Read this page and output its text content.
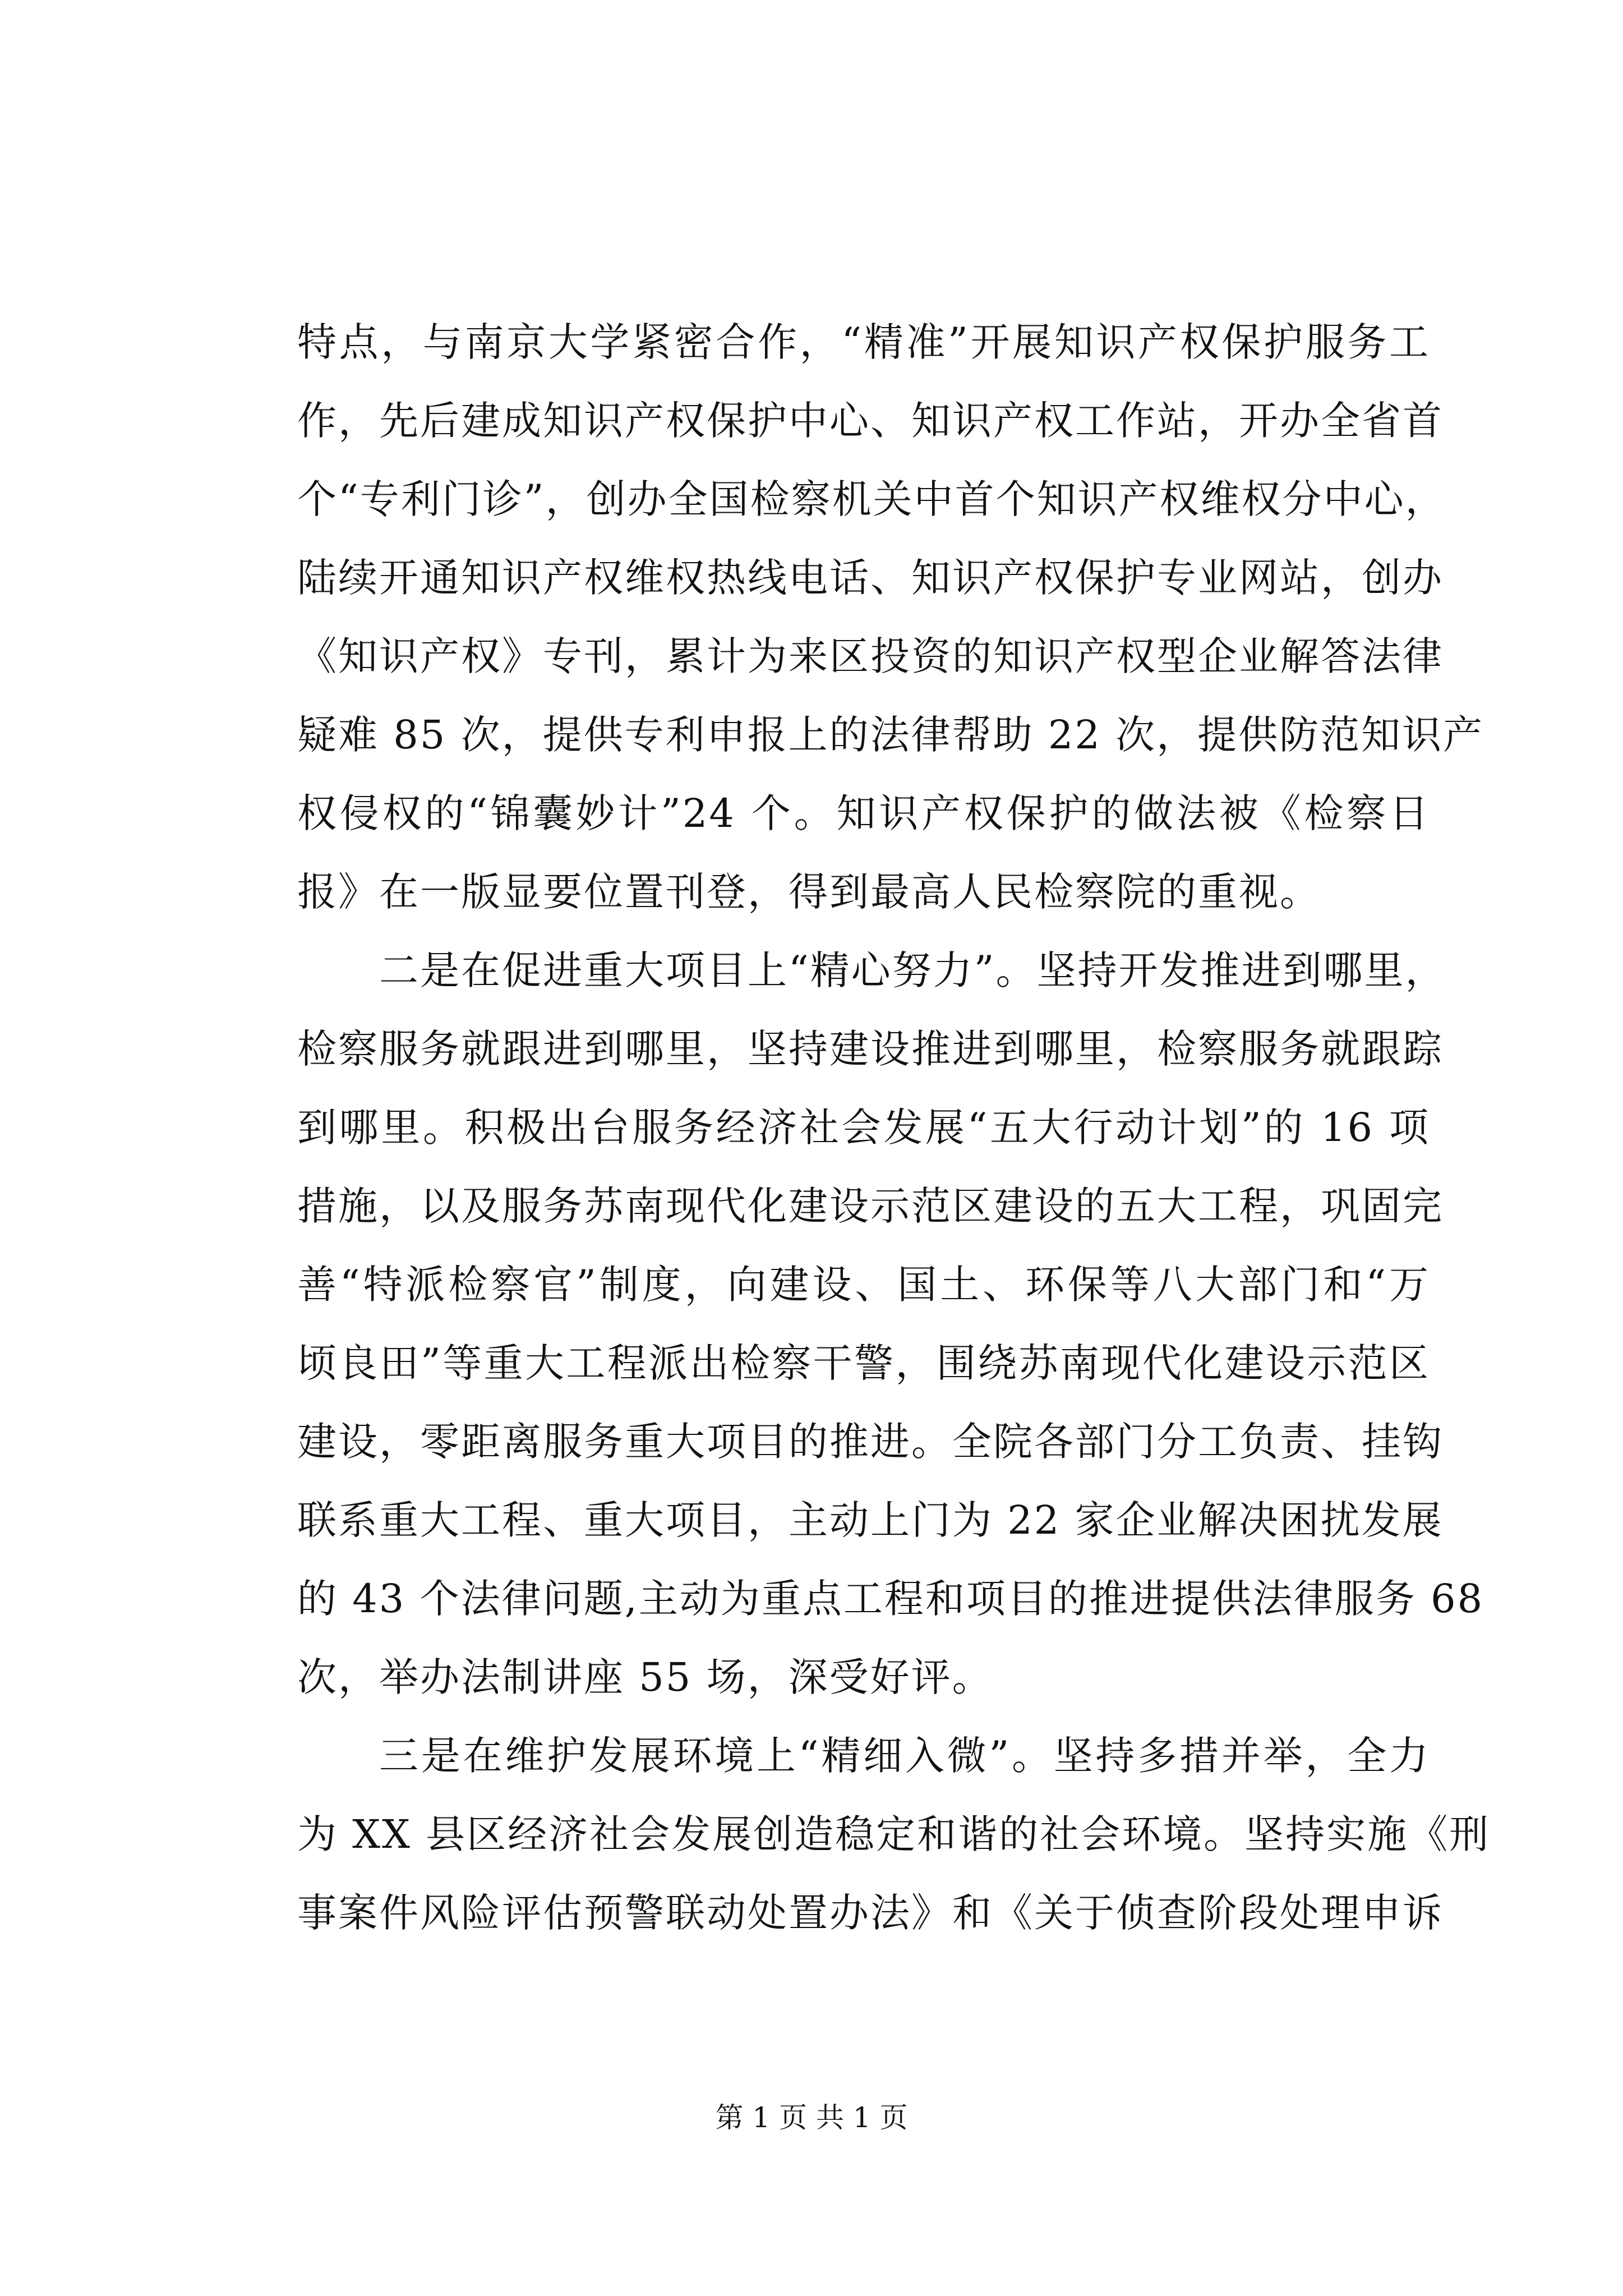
特点，与南京大学紧密合作，“精准”开展知识产权保护服务工
作，先后建成知识产权保护中心、知识产权工作站，开办全省首
个“专利门诊”，创办全国检察机关中首个知识产权维权分中心，
陆续开通知识产权维权热线电话、知识产权保护专业网站，创办
《知识产权》专刊，累计为来区投资的知识产权型企业解答法律
疑难 85 次，提供专利申报上的法律帮助 22 次，提供防范知识产
权侵权的“锦囊妙计”24 个。知识产权保护的做法被《检察日
报》在一版显要位置刊登，得到最高人民检察院的重视。
二是在促进重大项目上“精心努力”。坚持开发推进到哪里，
检察服务就跟进到哪里，坚持建设推进到哪里，检察服务就跟踪
到哪里。积极出台服务经济社会发展“五大行动计划”的 16 项
措施，以及服务苏南现代化建设示范区建设的五大工程，巩固完
善“特派检察官”制度，向建设、国土、环保等八大部门和“万
顷良田”等重大工程派出检察干警，围绕苏南现代化建设示范区
建设，零距离服务重大项目的推进。全院各部门分工负责、挂钩
联系重大工程、重大项目，主动上门为 22 家企业解决困扰发展
的 43 个法律问题,主动为重点工程和项目的推进提供法律服务 68
次，举办法制讲座 55 场，深受好评。
三是在维护发展环境上“精细入微”。坚持多措并举，全力
为 XX 县区经济社会发展创造稳定和谐的社会环境。坚持实施《刑
事案件风险评估预警联动处置办法》和《关于侦查阶段处理申诉
第 1 页 共 1 页
